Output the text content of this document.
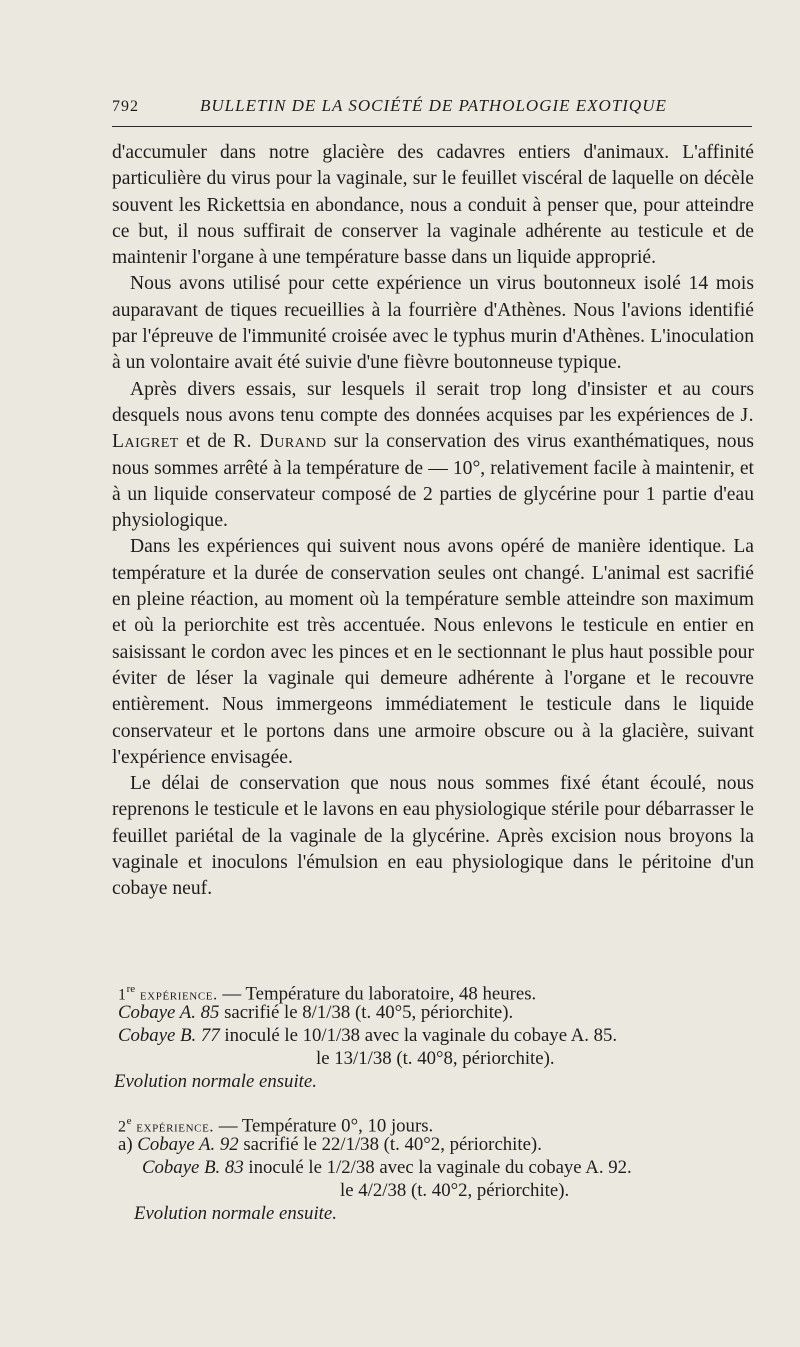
792	BULLETIN DE LA SOCIÉTÉ DE PATHOLOGIE EXOTIQUE

d'accumuler dans notre glacière des cadavres entiers d'animaux. L'affinité particulière du virus pour la vaginale, sur le feuillet viscéral de laquelle on décèle souvent les Rickettsia en abondance, nous a conduit à penser que, pour atteindre ce but, il nous suffirait de conserver la vaginale adhérente au testicule et de maintenir l'organe à une température basse dans un liquide approprié.

Nous avons utilisé pour cette expérience un virus boutonneux isolé 14 mois auparavant de tiques recueillies à la fourrière d'Athènes. Nous l'avions identifié par l'épreuve de l'immunité croisée avec le typhus murin d'Athènes. L'inoculation à un volontaire avait été suivie d'une fièvre boutonneuse typique.

Après divers essais, sur lesquels il serait trop long d'insister et au cours desquels nous avons tenu compte des données acquises par les expériences de J. Laigret et de R. Durand sur la conservation des virus exanthématiques, nous nous sommes arrêté à la température de — 10°, relativement facile à maintenir, et à un liquide conservateur composé de 2 parties de glycérine pour 1 partie d'eau physiologique.

Dans les expériences qui suivent nous avons opéré de manière identique. La température et la durée de conservation seules ont changé. L'animal est sacrifié en pleine réaction, au moment où la température semble atteindre son maximum et où la periorchite est très accentuée. Nous enlevons le testicule en entier en saisissant le cordon avec les pinces et en le sectionnant le plus haut possible pour éviter de léser la vaginale qui demeure adhérente à l'organe et le recouvre entièrement. Nous immergeons immédiatement le testicule dans le liquide conservateur et le portons dans une armoire obscure ou à la glacière, suivant l'expérience envisagée.

Le délai de conservation que nous nous sommes fixé étant écoulé, nous reprenons le testicule et le lavons en eau physiologique stérile pour débarrasser le feuillet pariétal de la vaginale de la glycérine. Après excision nous broyons la vaginale et inoculons l'émulsion en eau physiologique dans le péritoine d'un cobaye neuf.

1re expérience. — Température du laboratoire, 48 heures.
Cobaye A. 85 sacrifié le 8/1/38 (t. 40°5, périorchite).
Cobaye B. 77 inoculé le 10/1/38 avec la vaginale du cobaye A. 85.
le 13/1/38 (t. 40°8, périorchite).
Evolution normale ensuite.
2e expérience. — Température 0°, 10 jours.
a) Cobaye A. 92 sacrifié le 22/1/38 (t. 40°2, périorchite).
Cobaye B. 83 inoculé le 1/2/38 avec la vaginale du cobaye A. 92.
le 4/2/38 (t. 40°2, périorchite).
Evolution normale ensuite.
